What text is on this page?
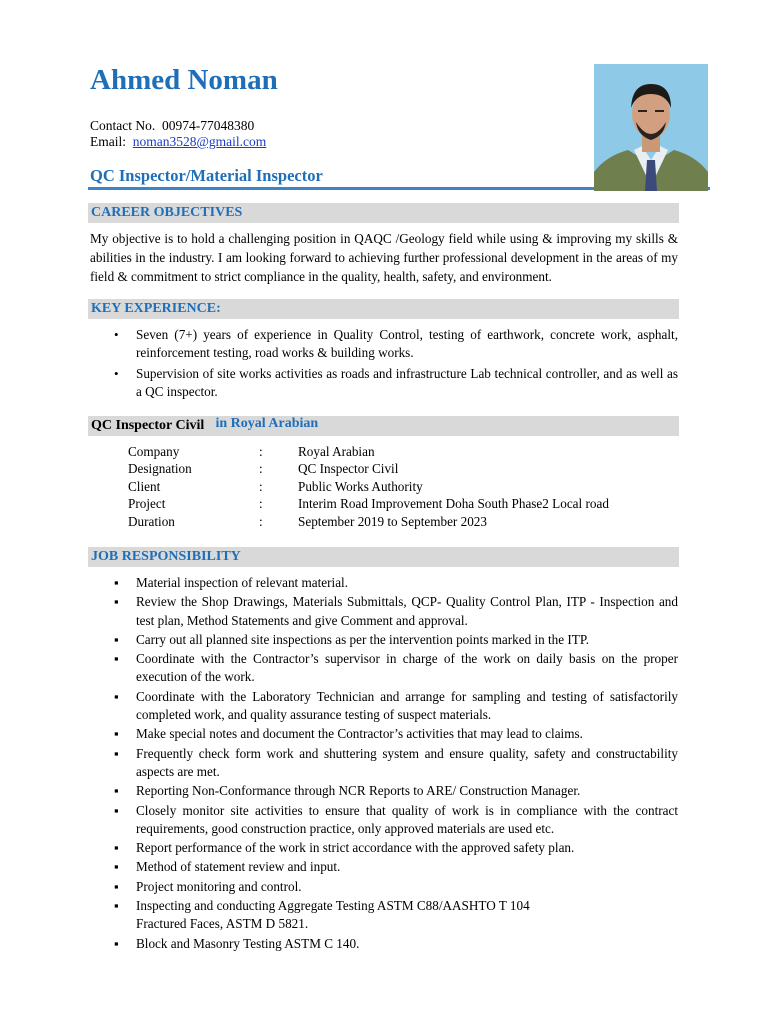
Ahmed Noman
Contact No. 00974-77048380
Email: noman3528@gmail.com
QC Inspector/Material Inspector
CAREER OBJECTIVES
My objective is to hold a challenging position in QAQC /Geology field while using & improving my skills & abilities in the industry. I am looking forward to achieving further professional development in the areas of my field & commitment to strict compliance in the quality, health, safety, and environment.
KEY EXPERIENCE:
• Seven (7+) years of experience in Quality Control, testing of earthwork, concrete work, asphalt, reinforcement testing, road works & building works.
• Supervision of site works activities as roads and infrastructure Lab technical controller, and as well as a QC inspector.
QC Inspector Civil in Royal Arabian
Company	:	Royal Arabian
Designation	:	QC Inspector Civil
Client	:	Public Works Authority
Project	:	Interim Road Improvement Doha South Phase2 Local road
Duration	:	September 2019 to September 2023
JOB RESPONSIBILITY
▪ Material inspection of relevant material.
▪ Review the Shop Drawings, Materials Submittals, QCP- Quality Control Plan, ITP - Inspection and test plan, Method Statements and give Comment and approval.
▪ Carry out all planned site inspections as per the intervention points marked in the ITP.
▪ Coordinate with the Contractor’s supervisor in charge of the work on daily basis on the proper execution of the work.
▪ Coordinate with the Laboratory Technician and arrange for sampling and testing of satisfactorily completed work, and quality assurance testing of suspect materials.
▪ Make special notes and document the Contractor’s activities that may lead to claims.
▪ Frequently check form work and shuttering system and ensure quality, safety and constructability aspects are met.
▪ Reporting Non-Conformance through NCR Reports to ARE/ Construction Manager.
▪ Closely monitor site activities to ensure that quality of work is in compliance with the contract requirements, good construction practice, only approved materials are used etc.
▪ Report performance of the work in strict accordance with the approved safety plan.
▪ Method of statement review and input.
▪ Project monitoring and control.
▪ Inspecting and conducting Aggregate Testing ASTM C88/AASHTO T 104
Fractured Faces, ASTM D 5821.
▪ Block and Masonry Testing ASTM C 140.
